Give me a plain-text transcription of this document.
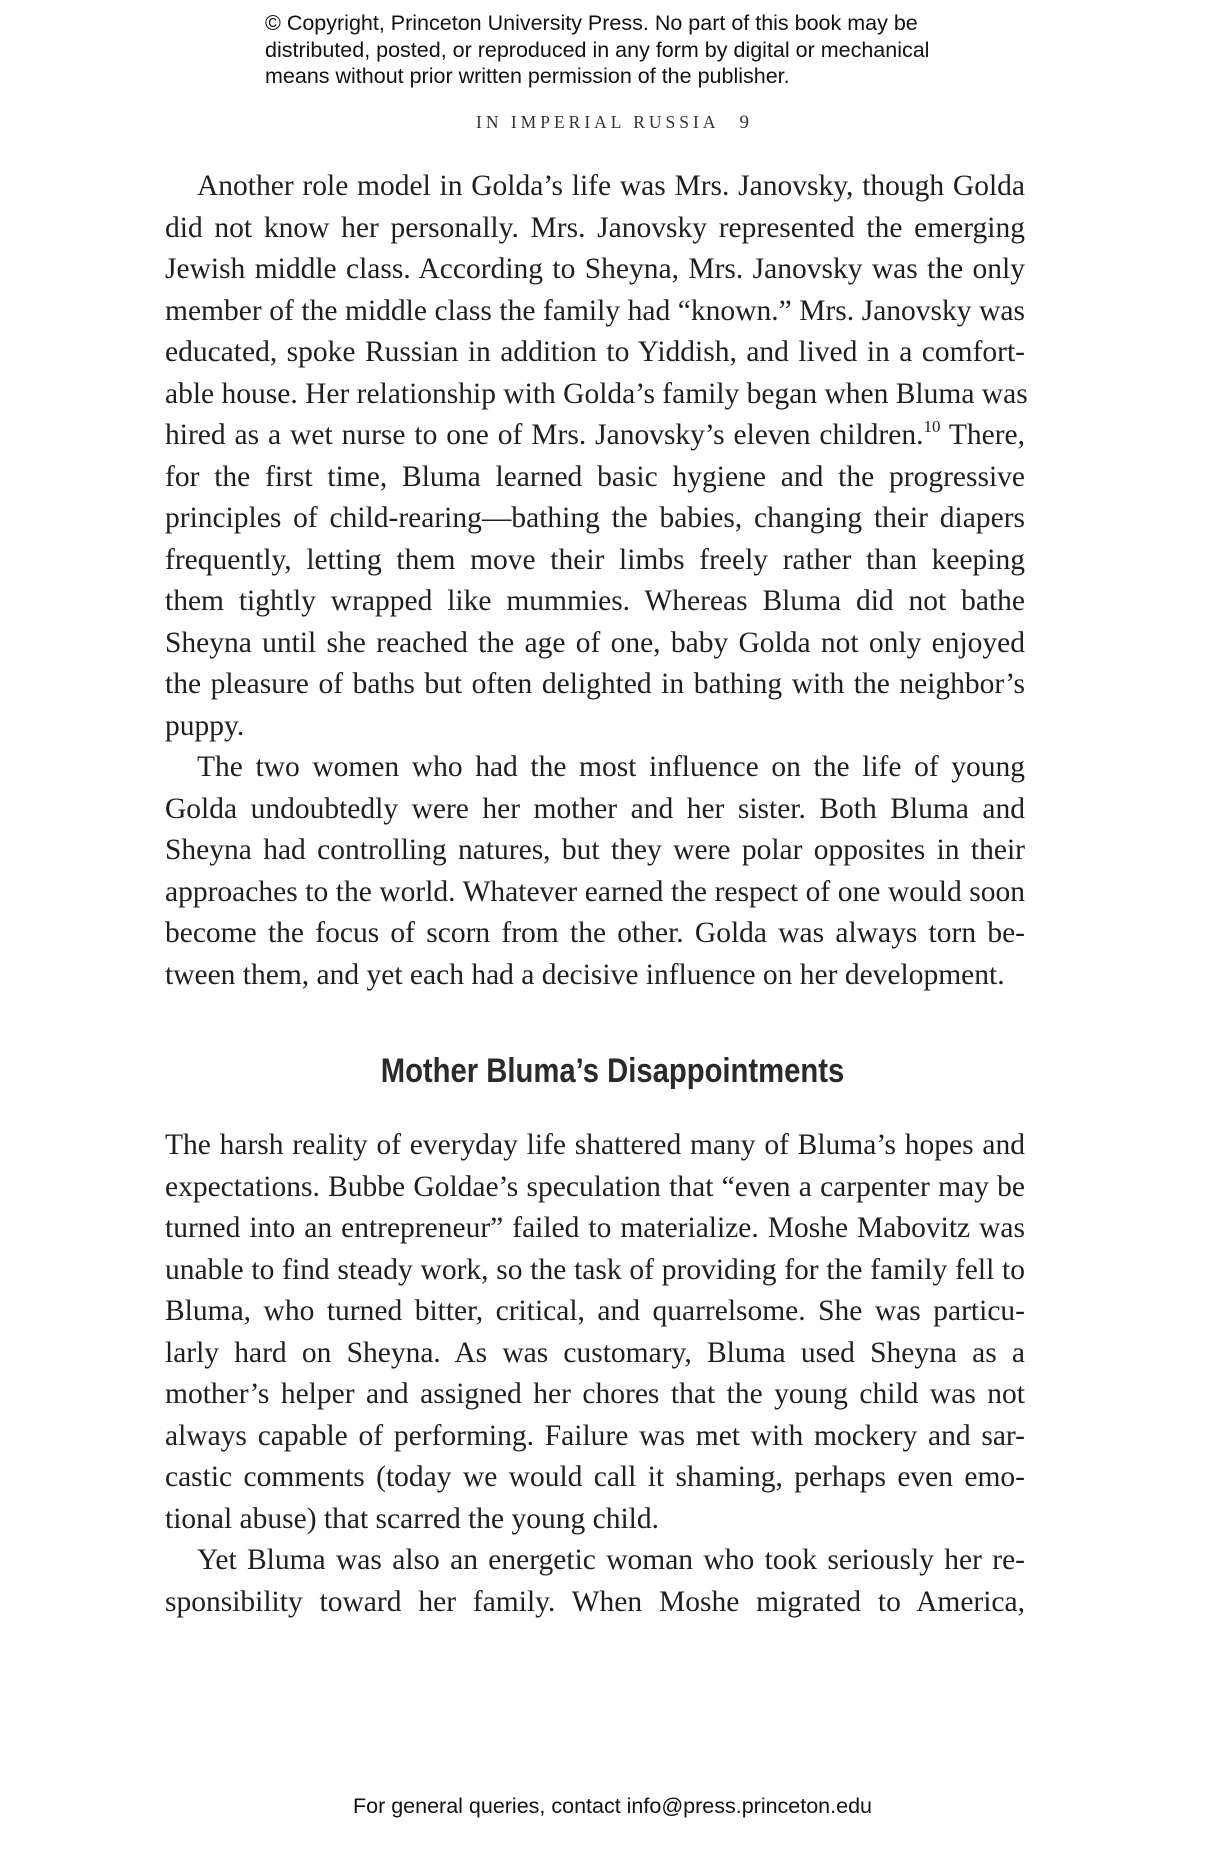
© Copyright, Princeton University Press. No part of this book may be
distributed, posted, or reproduced in any form by digital or mechanical
means without prior written permission of the publisher.
IN IMPERIAL RUSSIA 9
Another role model in Golda’s life was Mrs. Janovsky, though Golda
did not know her personally. Mrs. Janovsky represented the emerging
Jewish middle class. According to Sheyna, Mrs. Janovsky was the only
member of the middle class the family had “known.” Mrs. Janovsky was
educated, spoke Russian in addition to Yiddish, and lived in a comfort-
able house. Her relationship with Golda’s family began when Bluma was
hired as a wet nurse to one of Mrs. Janovsky’s eleven children.$^{10}$ There,
for the first time, Bluma learned basic hygiene and the progressive
principles of child-rearing—bathing the babies, changing their diapers
frequently, letting them move their limbs freely rather than keeping
them tightly wrapped like mummies. Whereas Bluma did not bathe
Sheyna until she reached the age of one, baby Golda not only enjoyed
the pleasure of baths but often delighted in bathing with the neighbor’s
puppy.
The two women who had the most influence on the life of young
Golda undoubtedly were her mother and her sister. Both Bluma and
Sheyna had controlling natures, but they were polar opposites in their
approaches to the world. Whatever earned the respect of one would soon
become the focus of scorn from the other. Golda was always torn be-
tween them, and yet each had a decisive influence on her development.
Mother Bluma’s Disappointments
The harsh reality of everyday life shattered many of Bluma’s hopes and
expectations. Bubbe Goldae’s speculation that “even a carpenter may be
turned into an entrepreneur” failed to materialize. Moshe Mabovitz was
unable to find steady work, so the task of providing for the family fell to
Bluma, who turned bitter, critical, and quarrelsome. She was particu-
larly hard on Sheyna. As was customary, Bluma used Sheyna as a
mother’s helper and assigned her chores that the young child was not
always capable of performing. Failure was met with mockery and sar-
castic comments (today we would call it shaming, perhaps even emo-
tional abuse) that scarred the young child.
Yet Bluma was also an energetic woman who took seriously her re-
sponsibility toward her family. When Moshe migrated to America,
For general queries, contact info@press.princeton.edu
